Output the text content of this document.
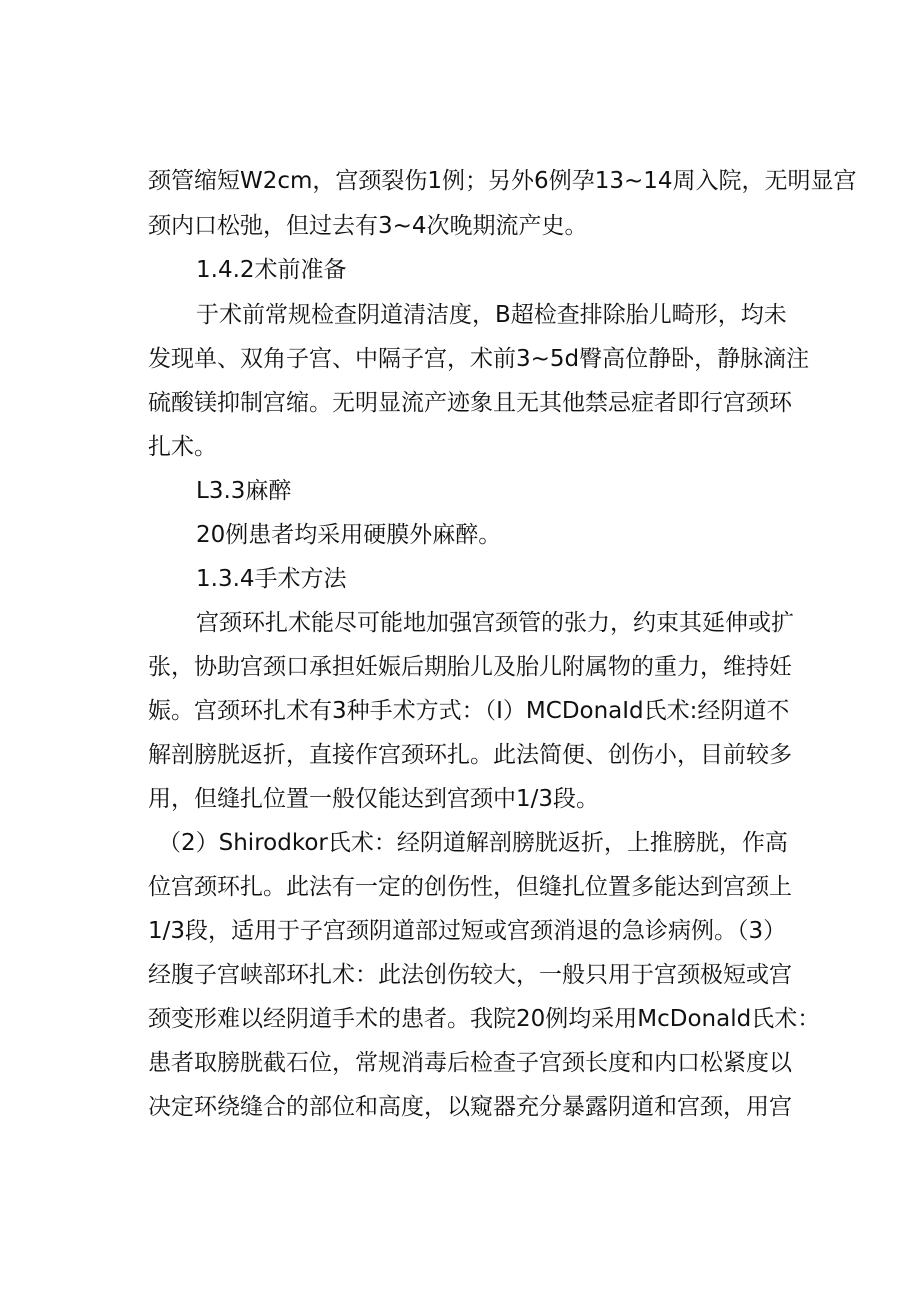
颈管缩短W2cm，宫颈裂伤1例；另外6例孕13~14周入院，无明显宫
颈内口松弛，但过去有3~4次晚期流产史。
1.4.2术前准备
于术前常规检查阴道清洁度，B超检查排除胎儿畸形，均未
发现单、双角子宫、中隔子宫，术前3~5d臀高位静卧，静脉滴注
硫酸镁抑制宫缩。无明显流产迹象且无其他禁忌症者即行宫颈环
扎术。
L3.3麻醉
20例患者均采用硬膜外麻醉。
1.3.4手术方法
宫颈环扎术能尽可能地加强宫颈管的张力，约束其延伸或扩
张，协助宫颈口承担妊娠后期胎儿及胎儿附属物的重力，维持妊
娠。宫颈环扎术有3种手术方式：（I）MCDonaId氏术:经阴道不
解剖膀胱返折，直接作宫颈环扎。此法简便、创伤小，目前较多
用，但缝扎位置一般仅能达到宫颈中1/3段。
（2）Shirodkor氏术：经阴道解剖膀胱返折，上推膀胱，作高
位宫颈环扎。此法有一定的创伤性，但缝扎位置多能达到宫颈上
1/3段，适用于子宫颈阴道部过短或宫颈消退的急诊病例。（3）
经腹子宫峡部环扎术：此法创伤较大，一般只用于宫颈极短或宫
颈变形难以经阴道手术的患者。我院20例均采用McDonald氏术：
患者取膀胱截石位，常规消毒后检查子宫颈长度和内口松紧度以
决定环绕缝合的部位和高度，以窥器充分暴露阴道和宫颈，用宫
